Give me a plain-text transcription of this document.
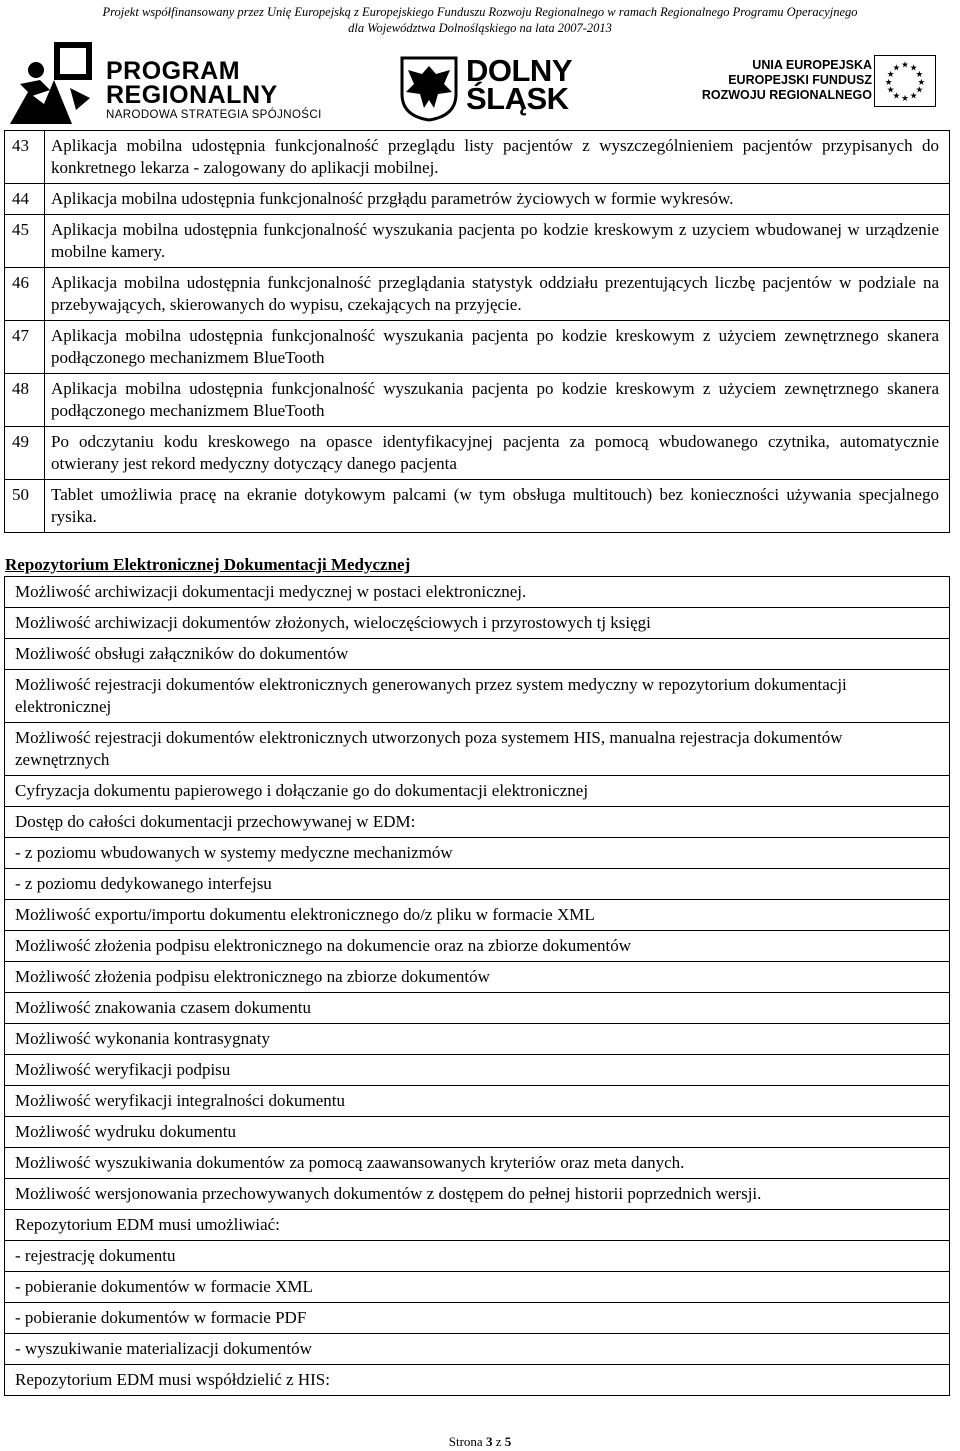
Projekt współfinansowany przez Unię Europejską z Europejskiego Funduszu Rozwoju Regionalnego w ramach Regionalnego Programu Operacyjnego
dla Województwa Dolnośląskiego na lata 2007-2013
PROGRAM
REGIONALNY
NARODOWA STRATEGIA SPÓJNOŚCI
DOLNY
ŚLĄSK
UNIA EUROPEJSKA
EUROPEJSKI FUNDUSZ
ROZWOJU REGIONALNEGO
★ ★
★
★
★
★
★
★
★
★
★
★
43	Aplikacja mobilna udostępnia funkcjonalność przeglądu listy pacjentów z wyszczególnieniem pacjentów przypisanych do konkretnego lekarza - zalogowany do aplikacji mobilnej.
44	Aplikacja mobilna udostępnia funkcjonalność przgłądu parametrów życiowych w formie wykresów.
45	Aplikacja mobilna udostępnia funkcjonalność wyszukania pacjenta po kodzie kreskowym z uzyciem wbudowanej w urządzenie mobilne kamery.
46	Aplikacja mobilna udostępnia funkcjonalność przeglądania statystyk oddziału prezentujących liczbę pacjentów w podziale na przebywających, skierowanych do wypisu, czekających na przyjęcie.
47	Aplikacja mobilna udostępnia funkcjonalność wyszukania pacjenta po kodzie kreskowym z użyciem zewnętrznego skanera podłączonego mechanizmem BlueTooth
48	Aplikacja mobilna udostępnia funkcjonalność wyszukania pacjenta po kodzie kreskowym z użyciem zewnętrznego skanera podłączonego mechanizmem BlueTooth
49	Po odczytaniu kodu kreskowego na opasce identyfikacyjnej pacjenta za pomocą wbudowanego czytnika, automatycznie otwierany jest rekord medyczny dotyczący danego pacjenta
50	Tablet umożliwia pracę na ekranie dotykowym palcami (w tym obsługa multitouch) bez konieczności używania specjalnego rysika.
Repozytorium Elektronicznej Dokumentacji Medycznej
Możliwość archiwizacji dokumentacji medycznej w postaci elektronicznej.
Możliwość archiwizacji dokumentów złożonych, wieloczęściowych i przyrostowych tj księgi
Możliwość obsługi załączników do dokumentów
Możliwość rejestracji dokumentów elektronicznych generowanych przez system medyczny w repozytorium dokumentacji elektronicznej
Możliwość rejestracji dokumentów elektronicznych utworzonych poza systemem HIS, manualna rejestracja dokumentów zewnętrznych
Cyfryzacja dokumentu papierowego i dołączanie go do dokumentacji elektronicznej
Dostęp do całości dokumentacji przechowywanej w EDM:
- z poziomu wbudowanych w systemy medyczne mechanizmów
- z poziomu dedykowanego interfejsu
Możliwość exportu/importu dokumentu elektronicznego do/z pliku w formacie XML
Możliwość złożenia podpisu elektronicznego na dokumencie oraz na zbiorze dokumentów
Możliwość złożenia podpisu elektronicznego na zbiorze dokumentów
Możliwość znakowania czasem dokumentu
Możliwość wykonania kontrasygnaty
Możliwość weryfikacji podpisu
Możliwość weryfikacji integralności dokumentu
Możliwość wydruku dokumentu
Możliwość wyszukiwania dokumentów za pomocą zaawansowanych kryteriów oraz meta danych.
Możliwość wersjonowania przechowywanych dokumentów z dostępem do pełnej historii poprzednich wersji.
Repozytorium EDM musi umożliwiać:
- rejestrację dokumentu
- pobieranie dokumentów w formacie XML
- pobieranie dokumentów w formacie PDF
- wyszukiwanie materializacji dokumentów
Repozytorium EDM musi współdzielić z HIS:
Strona 3 z 5
